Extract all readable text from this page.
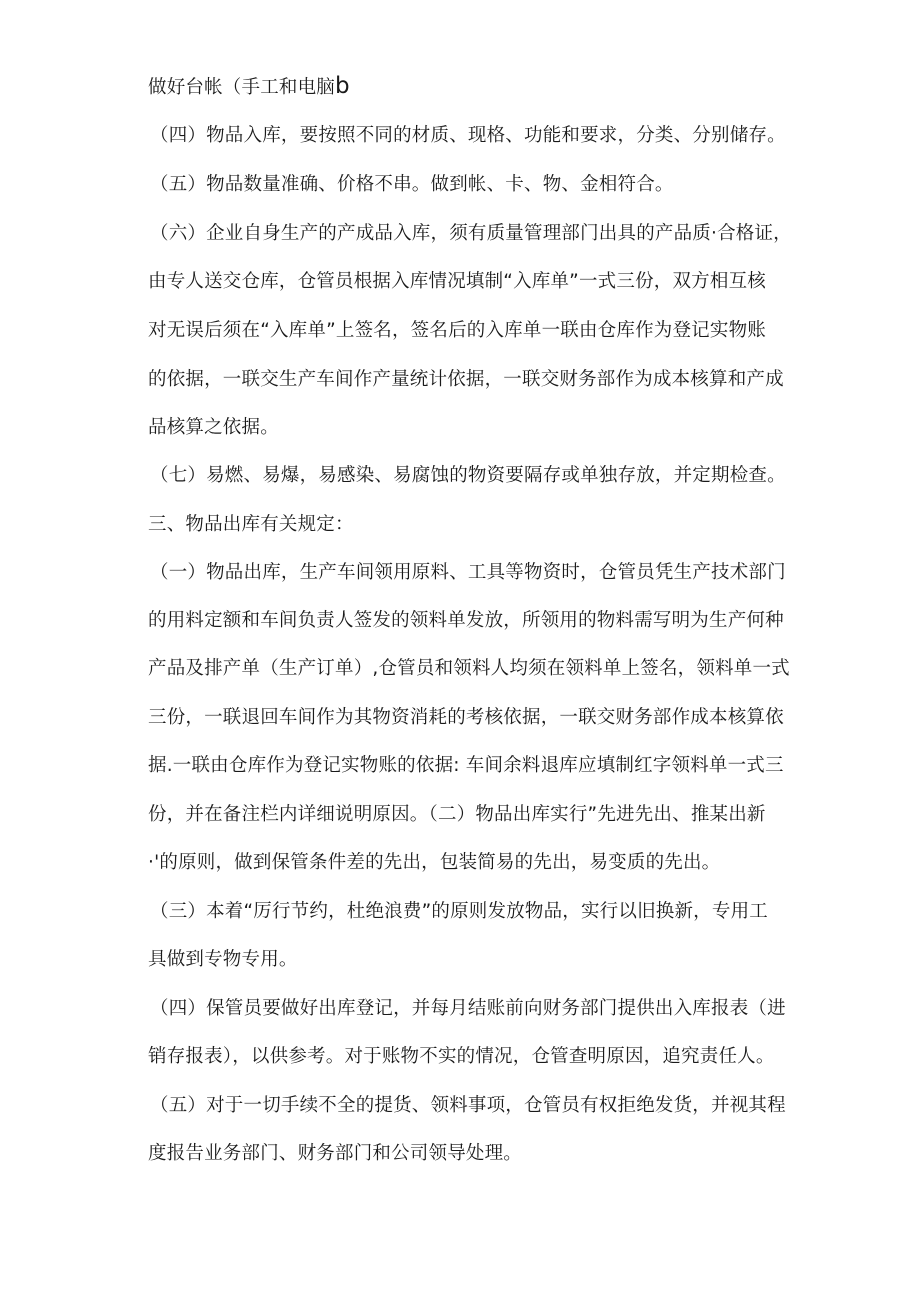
做好台帐（手工和电脑b
（四）物品入库，要按照不同的材质、现格、功能和要求，分类、分别储存。
（五）物品数量准确、价格不串。做到帐、卡、物、金相符合。
（六）企业自身生产的产成品入库，须有质量管理部门出具的产品质·合格证，
由专人送交仓库，仓管员根据入库情况填制“入库单”一式三份，双方相互核
对无误后须在“入库单”上签名，签名后的入库单一联由仓库作为登记实物账
的依据，一联交生产车间作产量统计依据，一联交财务部作为成本核算和产成
品核算之依据。
（七）易燃、易爆，易感染、易腐蚀的物资要隔存或单独存放，并定期检查。
三、物品出库有关规定：
（一）物品出库，生产车间领用原料、工具等物资时，仓管员凭生产技术部门
的用料定额和车间负责人签发的领料单发放，所领用的物料需写明为生产何种
产品及排产单（生产订单）,仓管员和领料人均须在领料单上签名，领料单一式
三份，一联退回车间作为其物资消耗的考核依据，一联交财务部作成本核算依
据.一联由仓库作为登记实物账的依据: 车间余料退库应填制红字领料单一式三
份，并在备注栏内详细说明原因。（二）物品出库实行”先进先出、推某出新
·'的原则，做到保管条件差的先出，包装简易的先出，易变质的先出。
（三）本着“厉行节约，杜绝浪费”的原则发放物品，实行以旧换新，专用工
具做到专物专用。
（四）保管员要做好出库登记，并每月结账前向财务部门提供出入库报表（进
销存报表），以供参考。对于账物不实的情况，仓管查明原因，追究责任人。
（五）对于一切手续不全的提货、领料事项，仓管员有权拒绝发货，并视其程
度报告业务部门、财务部门和公司领导处理。
